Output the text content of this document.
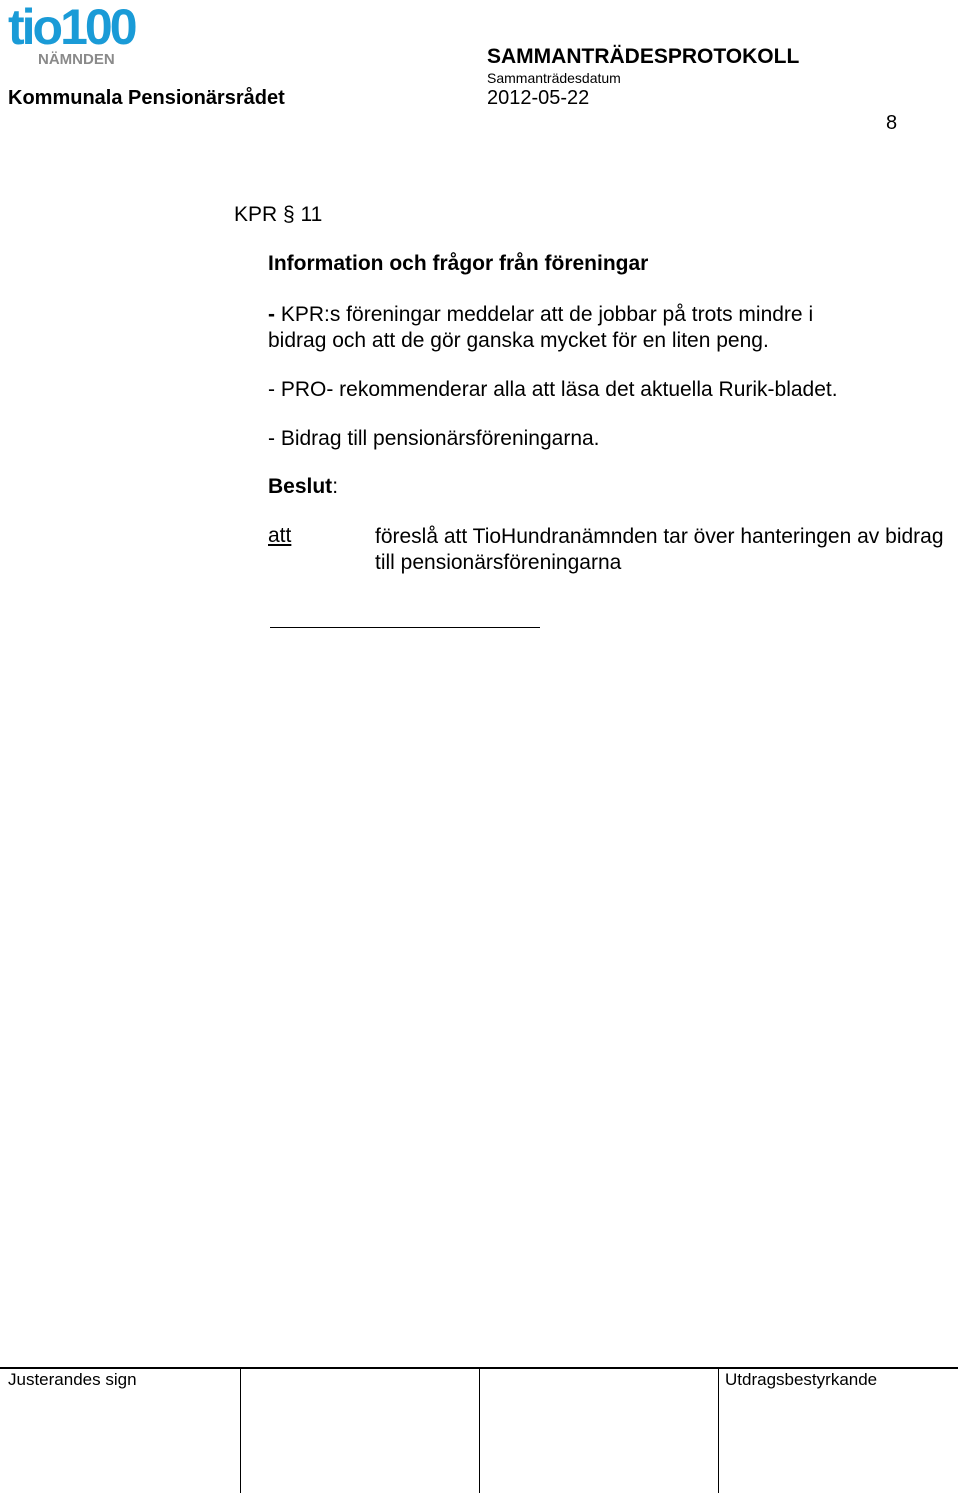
tio100
NÄMNDEN
Kommunala Pensionärsrådet
SAMMANTRÄDESPROTOKOLL
Sammanträdesdatum
2012-05-22
8
KPR § 11
Information och frågor från föreningar
- KPR:s föreningar meddelar att de jobbar på trots mindre i
bidrag och att de gör ganska mycket för en liten peng.
- PRO- rekommenderar alla att läsa det aktuella Rurik-bladet.
- Bidrag till pensionärsföreningarna.
Beslut:
att	föreslå att TioHundranämnden tar över hanteringen av bidrag till pensionärsföreningarna
Justerandes sign	Utdragsbestyrkande
